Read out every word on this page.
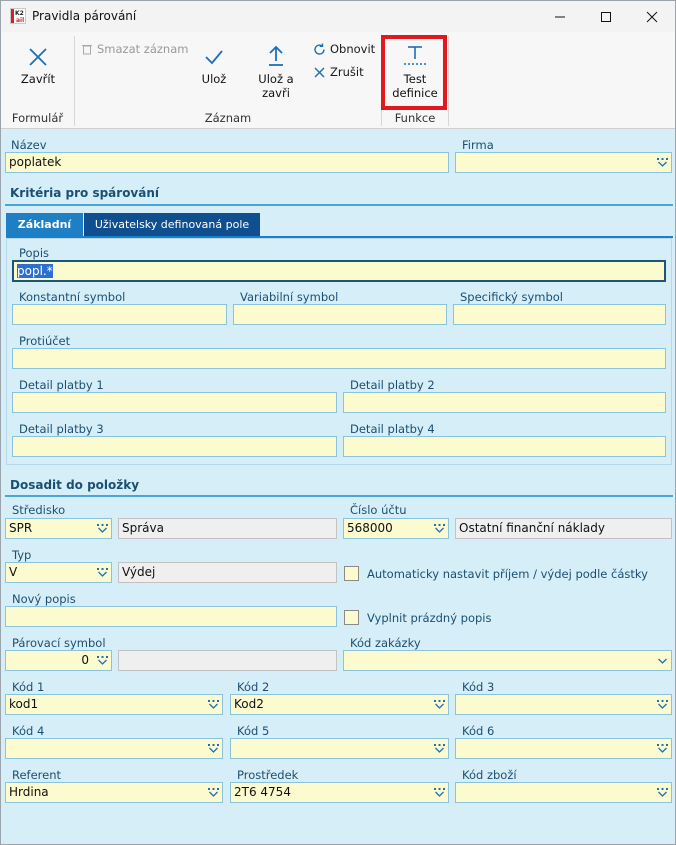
K2
ail Pravidla párování
Zavřít
Smazat záznam
Ulož	Ulož a zavři
Obnovit
Zrušit	Test definice
Formulář	Záznam	Funkce
Název
poplatek
Firma
Kritéria pro spárování
Základní	Uživatelsky definovaná pole
Popis
popl.*
Konstantní symbol	Variabilní symbol	Specifický symbol
Protiúčet
Detail platby 1	Detail platby 2
Detail platby 3	Detail platby 4
Dosadit do položky
Středisko
SPR	Správa
Číslo účtu
568000	Ostatní finanční náklady
Typ
V	Výdej	Automaticky nastavit příjem / výdej podle částky
Nový popis
Vyplnit prázdný popis
Párovací symbol
0
Kód zakázky
Kód 1
kod1
Kód 2
Kod2
Kód 3
Kód 4	Kód 5	Kód 6
Referent
Hrdina
Prostředek
2T6 4754
Kód zboží
